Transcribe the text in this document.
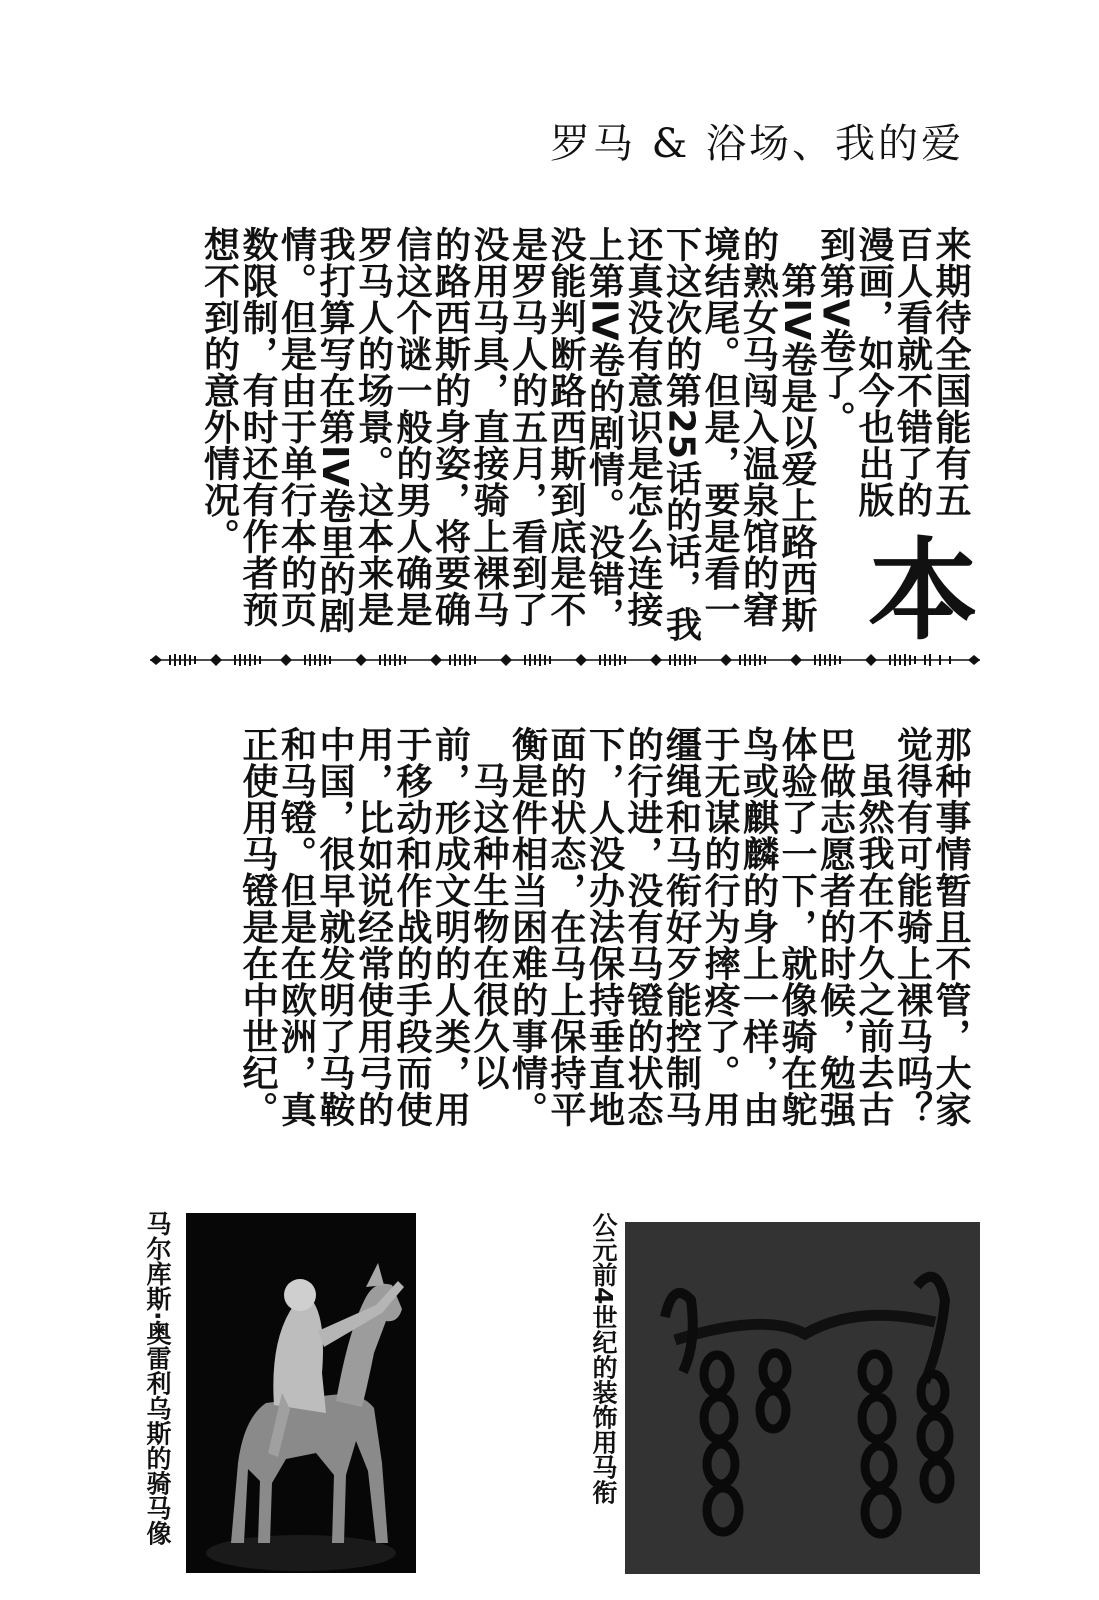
罗马 & 浴场、我的爱
本

来期待全国能有五百人看就不错了的漫画，如今也出版到第V卷了。

第IV卷是以爱上路西斯的熟女马闯入温泉馆的窘境结尾。但是，要是看一下这次的第25话的话，我还真没有意识是怎么连接上第IV卷的剧情。没错，没能判断路西斯到底是不是罗马人的五月，看到了没用马具，直接骑上裸马的路西斯的身姿，将要确信这个谜一般的男人确是罗马人的场景。这本来是我打算写在第IV卷里的剧情。但是由于单行本的页数限制，有时还有作者预想不到的意外情况。

那种事情暂且不管，大家觉得有可能骑上裸马吗？

虽然我在不久之前去古巴做志愿者的时候，勉强体验了一下，就像骑在鸵鸟或麒麟的身上一样，由于无谋的行为摔疼了。用缰绳和马衔好歹能控制马的行进，没有马镫的状态下，人没办法保持垂直地面的状态，在马上保持平衡是件相当困难的事情。

马这种生物在很久以前，形成文明的人类，用于移动和作战的手段而使用，比如说经常使用弓的中国，很早就发明了马鞍和马镫。但是在欧洲，真正使用马镫是在中世纪。

马尔库斯·奥雷利乌斯的骑马像	公元前4世纪的装饰用马衔
